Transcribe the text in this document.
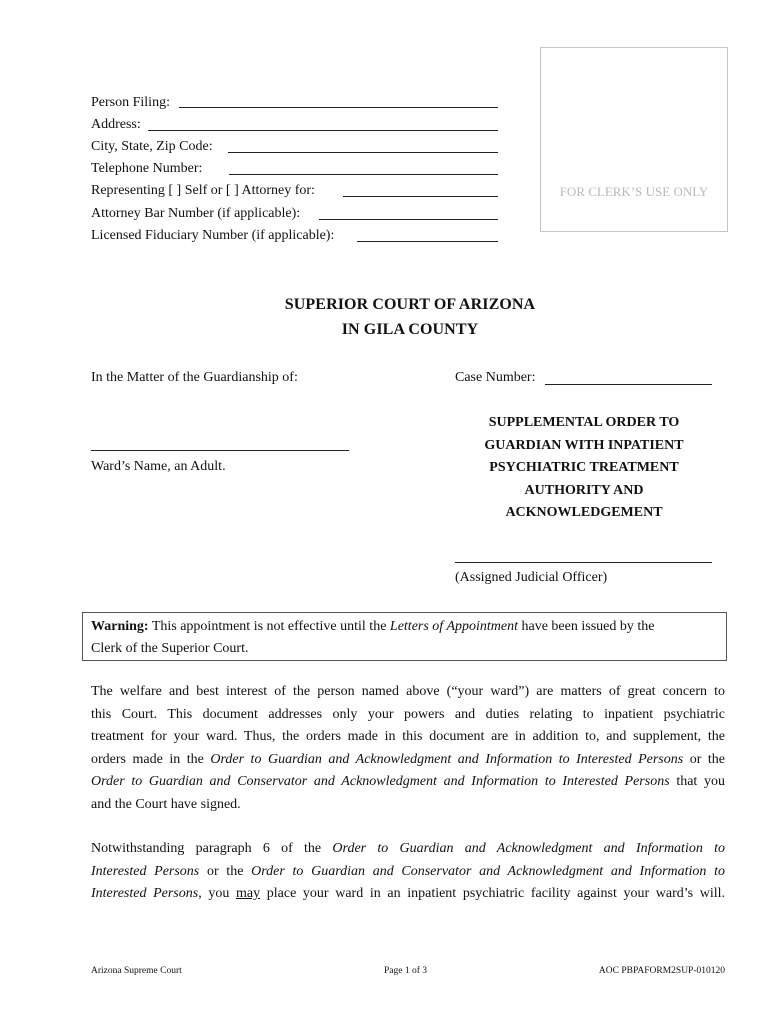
Person Filing:
Address:
City, State, Zip Code:
Telephone Number:
Representing [ ] Self or [ ] Attorney for:
Attorney Bar Number (if applicable):
Licensed Fiduciary Number (if applicable):
FOR CLERK’S USE ONLY
SUPERIOR COURT OF ARIZONA
IN GILA COUNTY
In the Matter of the Guardianship of:	Case Number:
Ward’s Name, an Adult.
SUPPLEMENTAL ORDER TO
GUARDIAN WITH INPATIENT
PSYCHIATRIC TREATMENT
AUTHORITY AND
ACKNOWLEDGEMENT
(Assigned Judicial Officer)
Warning: This appointment is not effective until the Letters of Appointment have been issued by the
Clerk of the Superior Court.
The welfare and best interest of the person named above (“your ward”) are matters of great concern to
this Court. This document addresses only your powers and duties relating to inpatient psychiatric
treatment for your ward. Thus, the orders made in this document are in addition to, and supplement, the
orders made in the Order to Guardian and Acknowledgment and Information to Interested Persons or the
Order to Guardian and Conservator and Acknowledgment and Information to Interested Persons that you
and the Court have signed.
Notwithstanding paragraph 6 of the Order to Guardian and Acknowledgment and Information to
Interested Persons or the Order to Guardian and Conservator and Acknowledgment and Information to
Interested Persons, you may place your ward in an inpatient psychiatric facility against your ward’s will.
Arizona Supreme Court	Page 1 of 3	AOC PBPAFORM2SUP-010120
